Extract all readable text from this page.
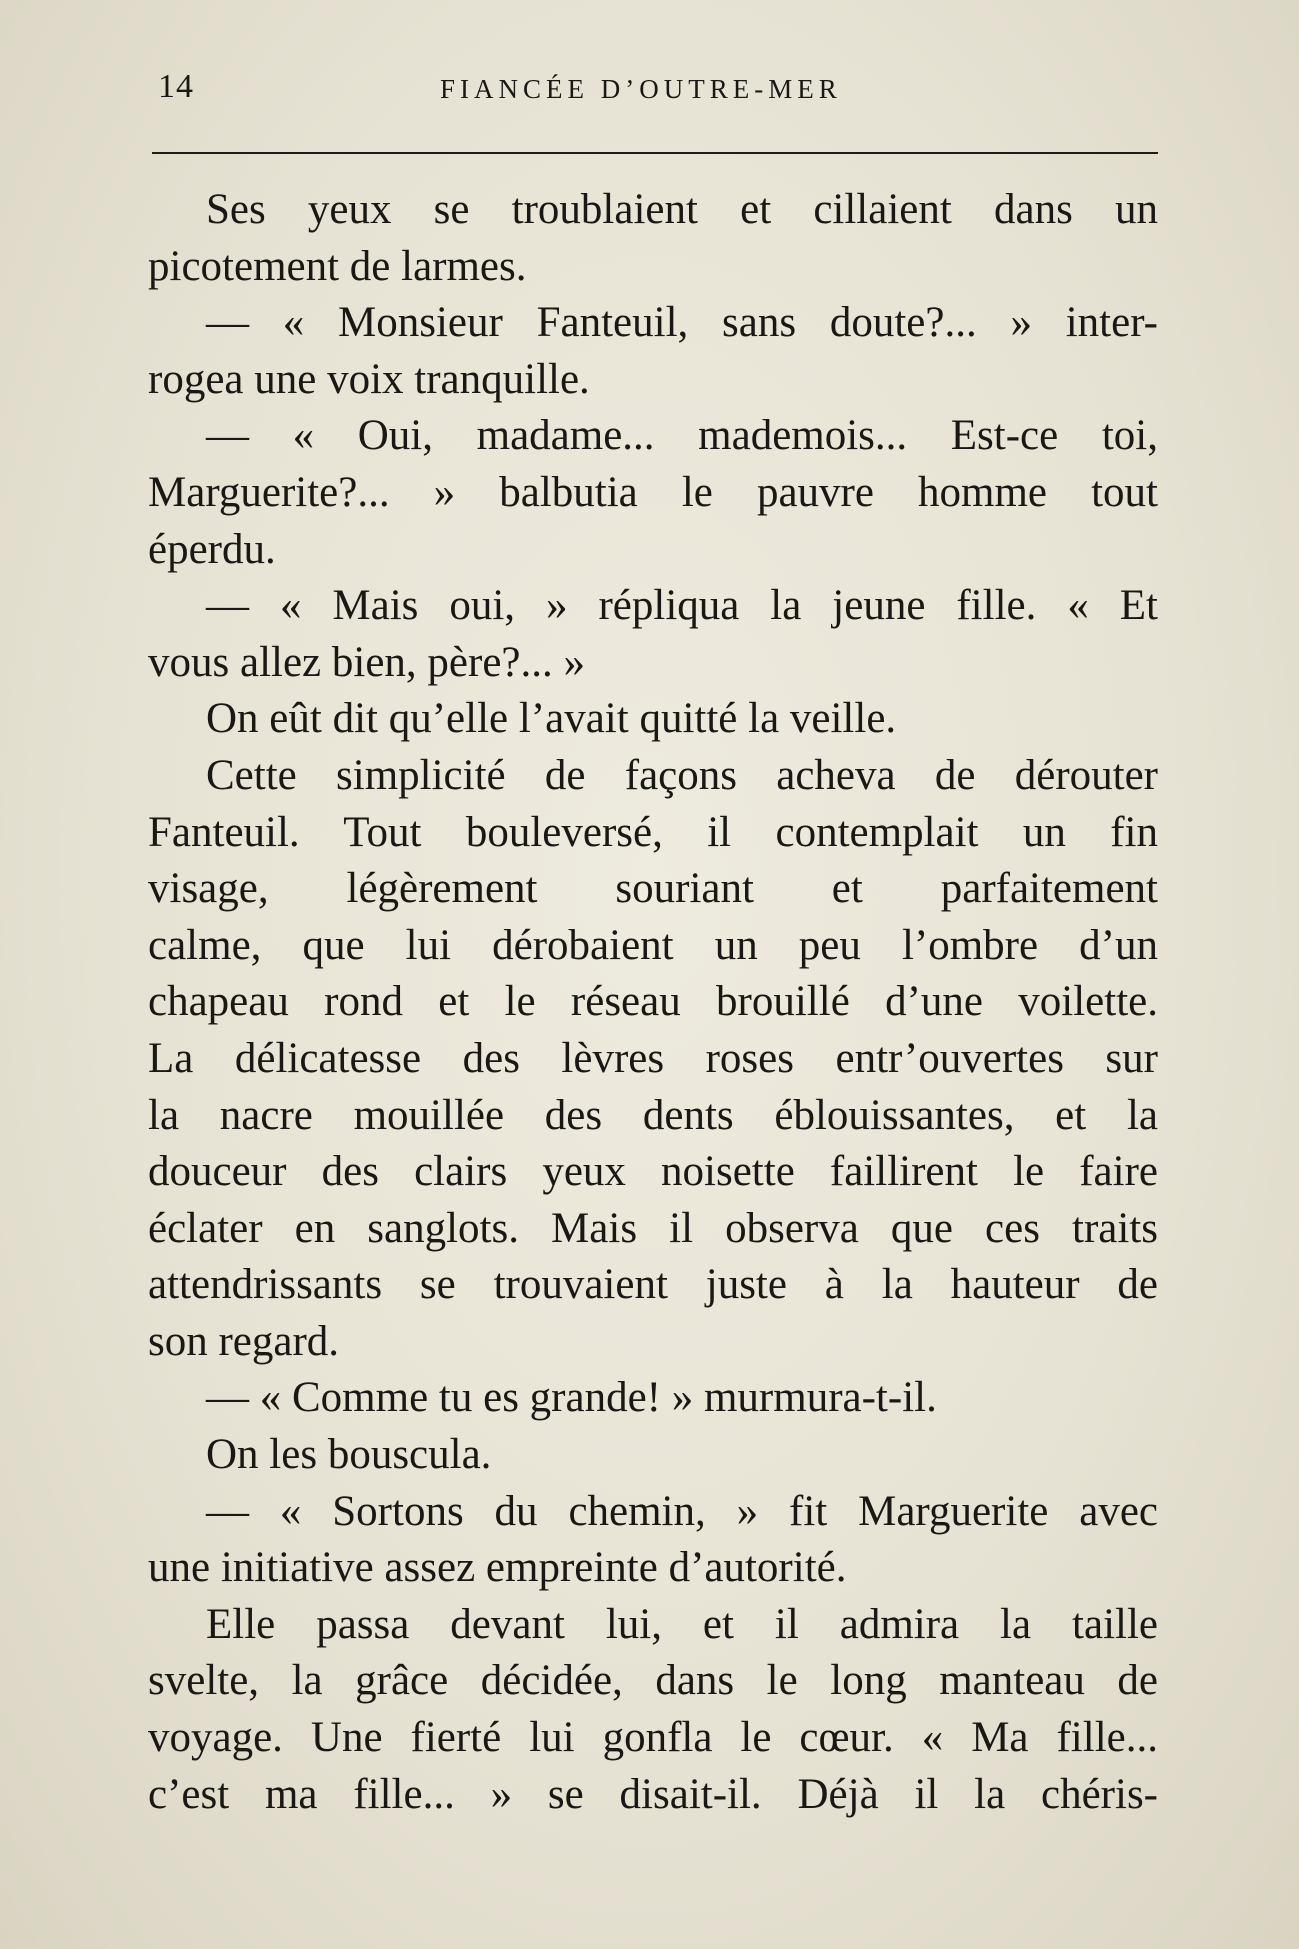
14	FIANCÉE D’OUTRE-MER
Ses yeux se troublaient et cillaient dans un
picotement de larmes.
— « Monsieur Fanteuil, sans doute?... » inter-
rogea une voix tranquille.
— « Oui, madame... mademois... Est-ce toi,
Marguerite?... » balbutia le pauvre homme tout
éperdu.
— « Mais oui, » répliqua la jeune fille. « Et
vous allez bien, père?... »
On eût dit qu’elle l’avait quitté la veille.
Cette simplicité de façons acheva de dérouter
Fanteuil. Tout bouleversé, il contemplait un fin
visage, légèrement souriant et parfaitement
calme, que lui dérobaient un peu l’ombre d’un
chapeau rond et le réseau brouillé d’une voilette.
La délicatesse des lèvres roses entr’ouvertes sur
la nacre mouillée des dents éblouissantes, et la
douceur des clairs yeux noisette faillirent le faire
éclater en sanglots. Mais il observa que ces traits
attendrissants se trouvaient juste à la hauteur de
son regard.
— « Comme tu es grande! » murmura-t-il.
On les bouscula.
— « Sortons du chemin, » fit Marguerite avec
une initiative assez empreinte d’autorité.
Elle passa devant lui, et il admira la taille
svelte, la grâce décidée, dans le long manteau de
voyage. Une fierté lui gonfla le cœur. « Ma fille...
c’est ma fille... » se disait-il. Déjà il la chéris-
